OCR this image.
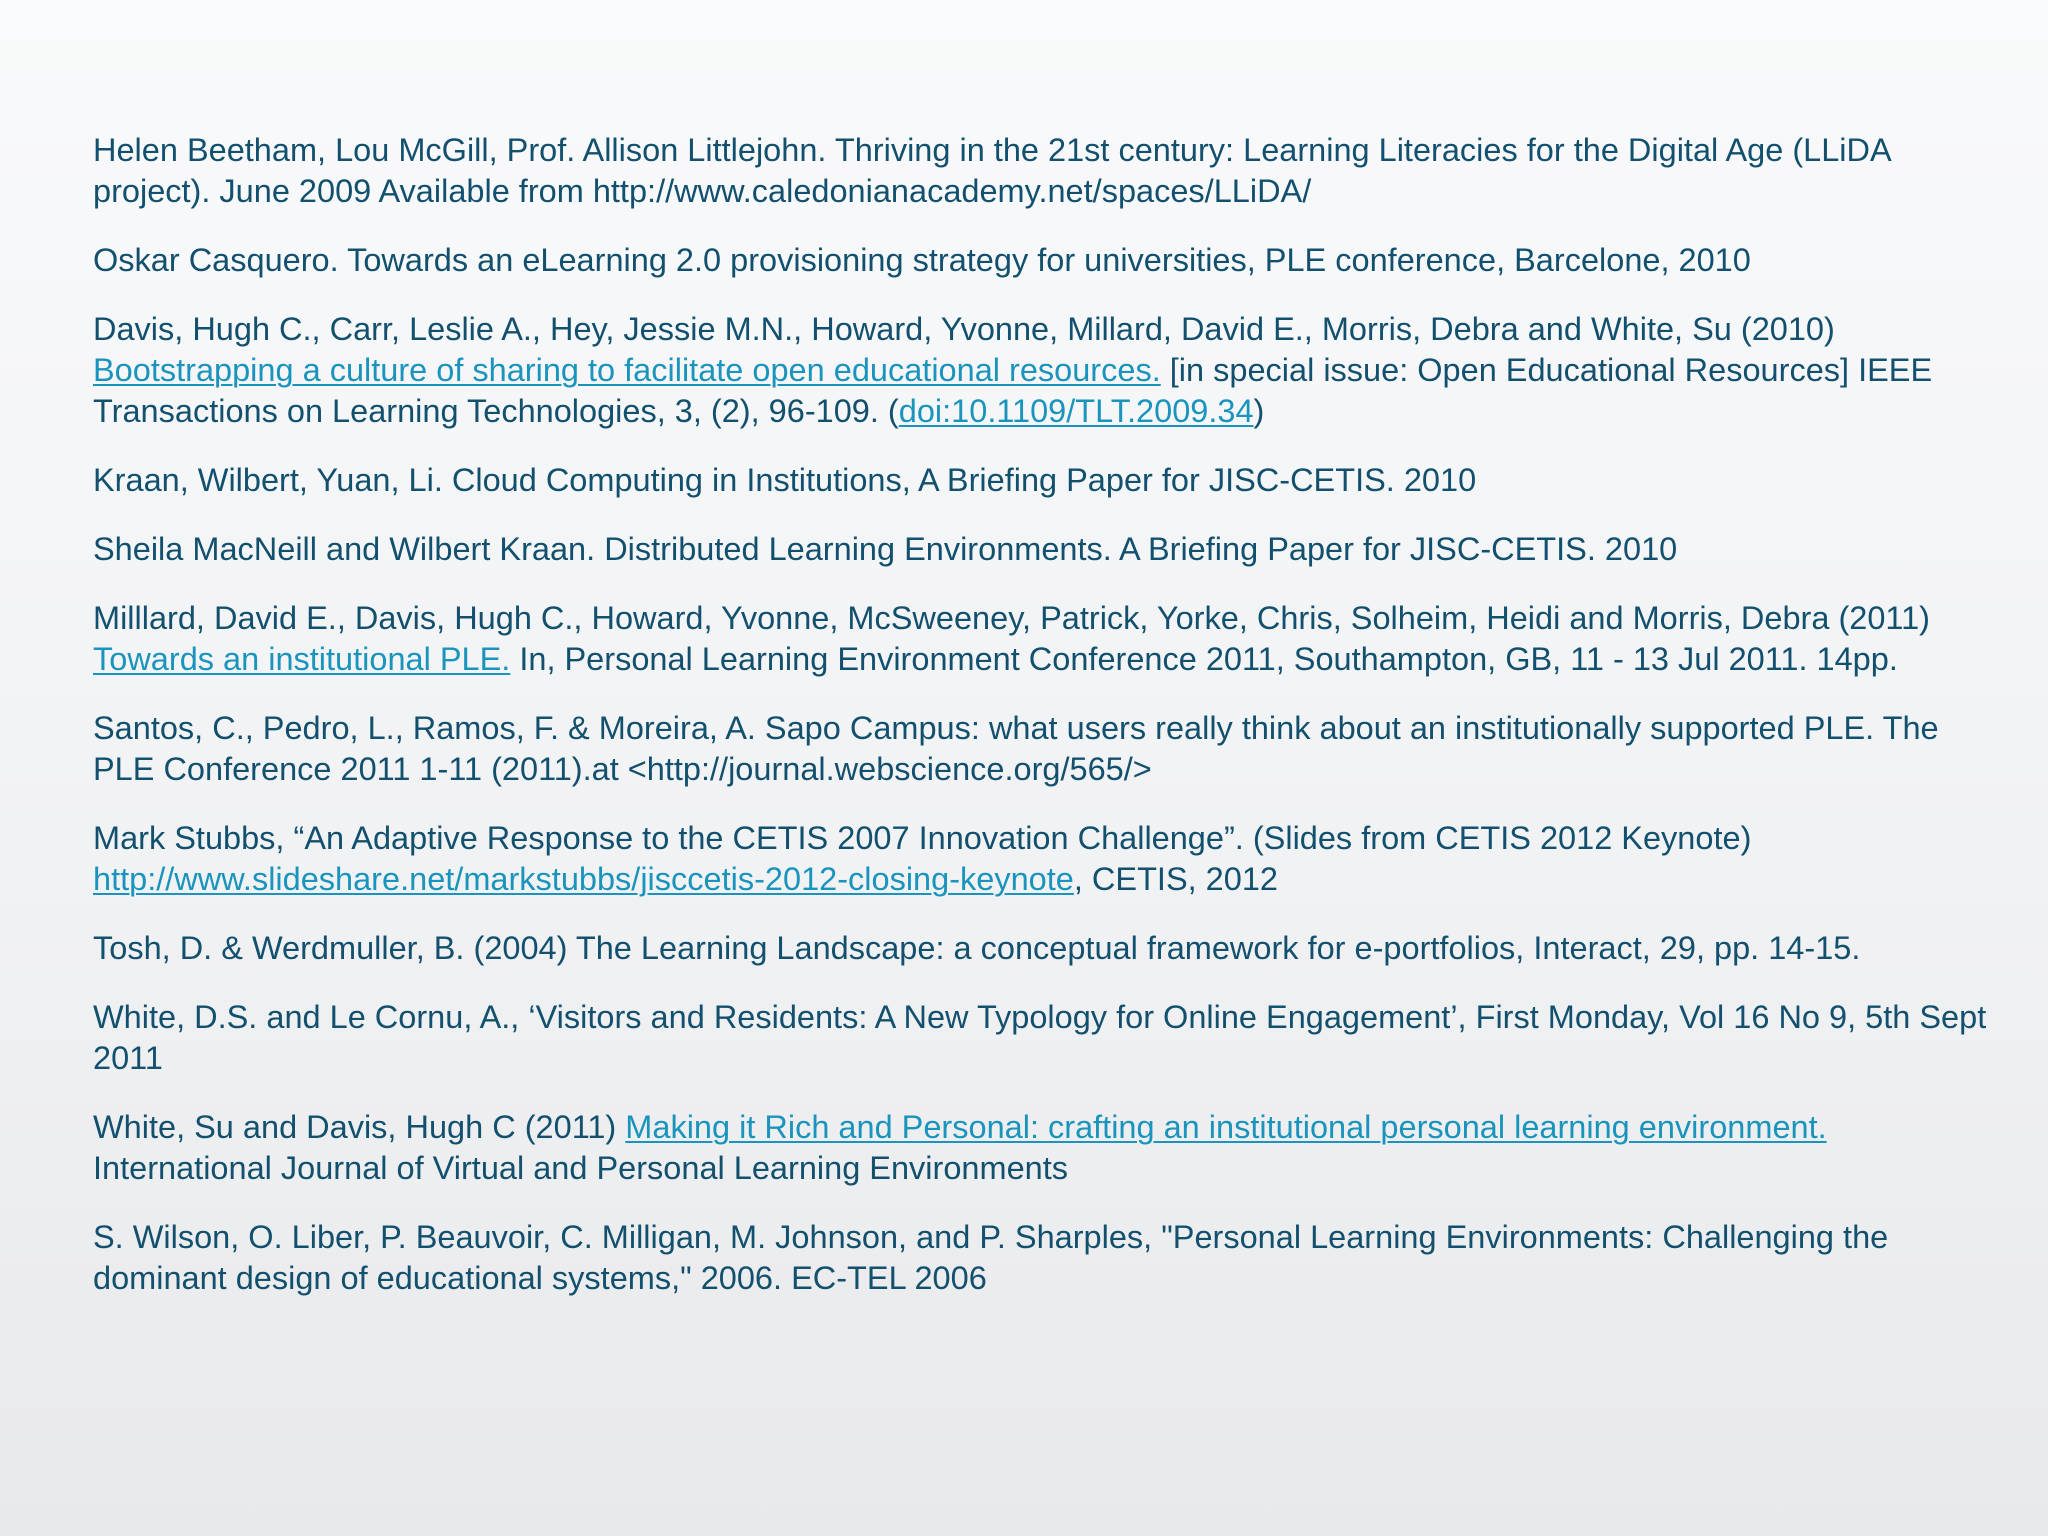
Helen Beetham, Lou McGill, Prof. Allison Littlejohn. Thriving in the 21st century: Learning Literacies for the Digital Age (LLiDA project). June 2009 Available from http://www.caledonianacademy.net/spaces/LLiDA/
Oskar Casquero. Towards an eLearning 2.0 provisioning strategy for universities, PLE conference, Barcelone, 2010
Davis, Hugh C., Carr, Leslie A., Hey, Jessie M.N., Howard, Yvonne, Millard, David E., Morris, Debra and White, Su (2010) Bootstrapping a culture of sharing to facilitate open educational resources. [in special issue: Open Educational Resources] IEEE Transactions on Learning Technologies, 3, (2), 96-109. (doi:10.1109/TLT.2009.34)
Kraan, Wilbert, Yuan, Li. Cloud Computing in Institutions, A Briefing Paper for JISC-CETIS. 2010
Sheila MacNeill and Wilbert Kraan. Distributed Learning Environments. A Briefing Paper for JISC-CETIS. 2010
Milllard, David E., Davis, Hugh C., Howard, Yvonne, McSweeney, Patrick, Yorke, Chris, Solheim, Heidi and Morris, Debra (2011) Towards an institutional PLE. In, Personal Learning Environment Conference 2011, Southampton, GB, 11 - 13 Jul 2011. 14pp.
Santos, C., Pedro, L., Ramos, F. & Moreira, A. Sapo Campus: what users really think about an institutionally supported PLE. The PLE Conference 2011 1-11 (2011).at <http://journal.webscience.org/565/>
Mark Stubbs, “An Adaptive Response to the CETIS 2007 Innovation Challenge”. (Slides from CETIS 2012 Keynote) http://www.slideshare.net/markstubbs/jisccetis-2012-closing-keynote, CETIS, 2012
Tosh, D. & Werdmuller, B. (2004) The Learning Landscape: a conceptual framework for e-portfolios, Interact, 29, pp. 14-15.
White, D.S. and Le Cornu, A., ‘Visitors and Residents: A New Typology for Online Engagement’, First Monday, Vol 16 No 9, 5th Sept 2011
White, Su and Davis, Hugh C (2011) Making it Rich and Personal: crafting an institutional personal learning environment. International Journal of Virtual and Personal Learning Environments
S. Wilson, O. Liber, P. Beauvoir, C. Milligan, M. Johnson, and P. Sharples, "Personal Learning Environments: Challenging the dominant design of educational systems," 2006. EC-TEL 2006
